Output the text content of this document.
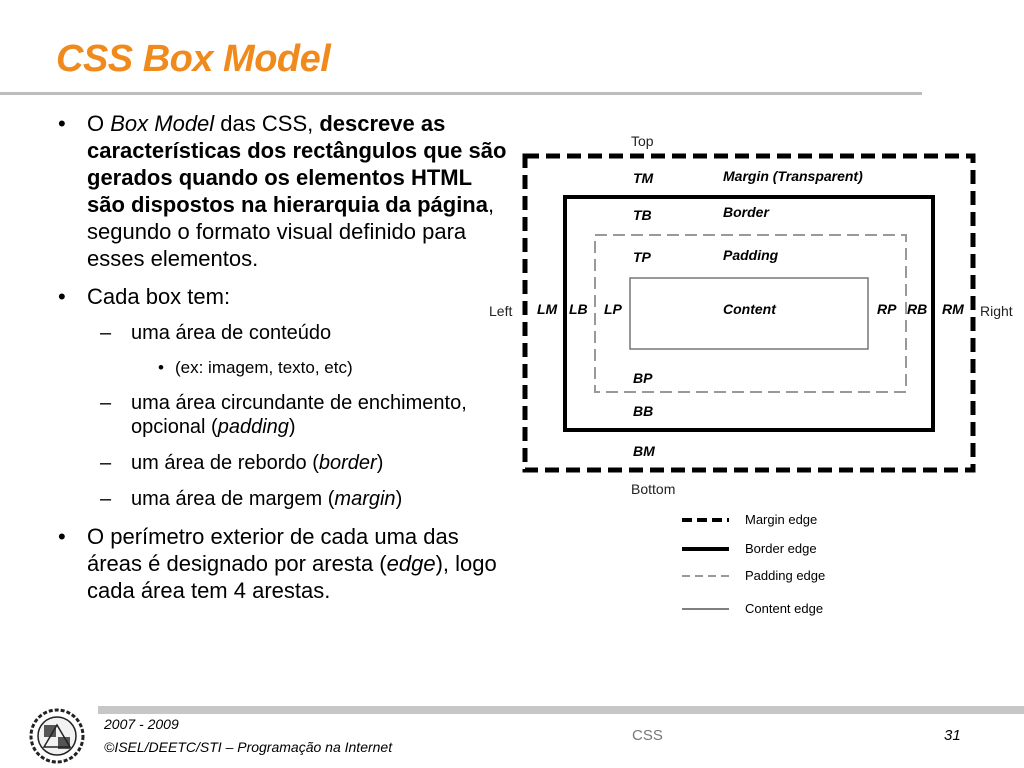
CSS Box Model
• O Box Model das CSS, descreve as características dos rectângulos que são gerados quando os elementos HTML são dispostos na hierarquia da página, segundo o formato visual definido para esses elementos.
• Cada box tem:
– uma área de conteúdo
• (ex: imagem, texto, etc)
– uma área circundante de enchimento, opcional (padding)
– um área de rebordo (border)
– uma área de margem (margin)
• O perímetro exterior de cada uma das áreas é designado por aresta (edge), logo cada área tem 4 arestas.
Top
Bottom
Left	Right
TM
TB
TP
BP
BB
BM
LM LB LP	RP RB RM
Margin (Transparent)
Border
Padding
Content
Margin edge
Border edge
Padding edge
Content edge
2007 - 2009
©ISEL/DEETC/STI – Programação na Internet
CSS	31
